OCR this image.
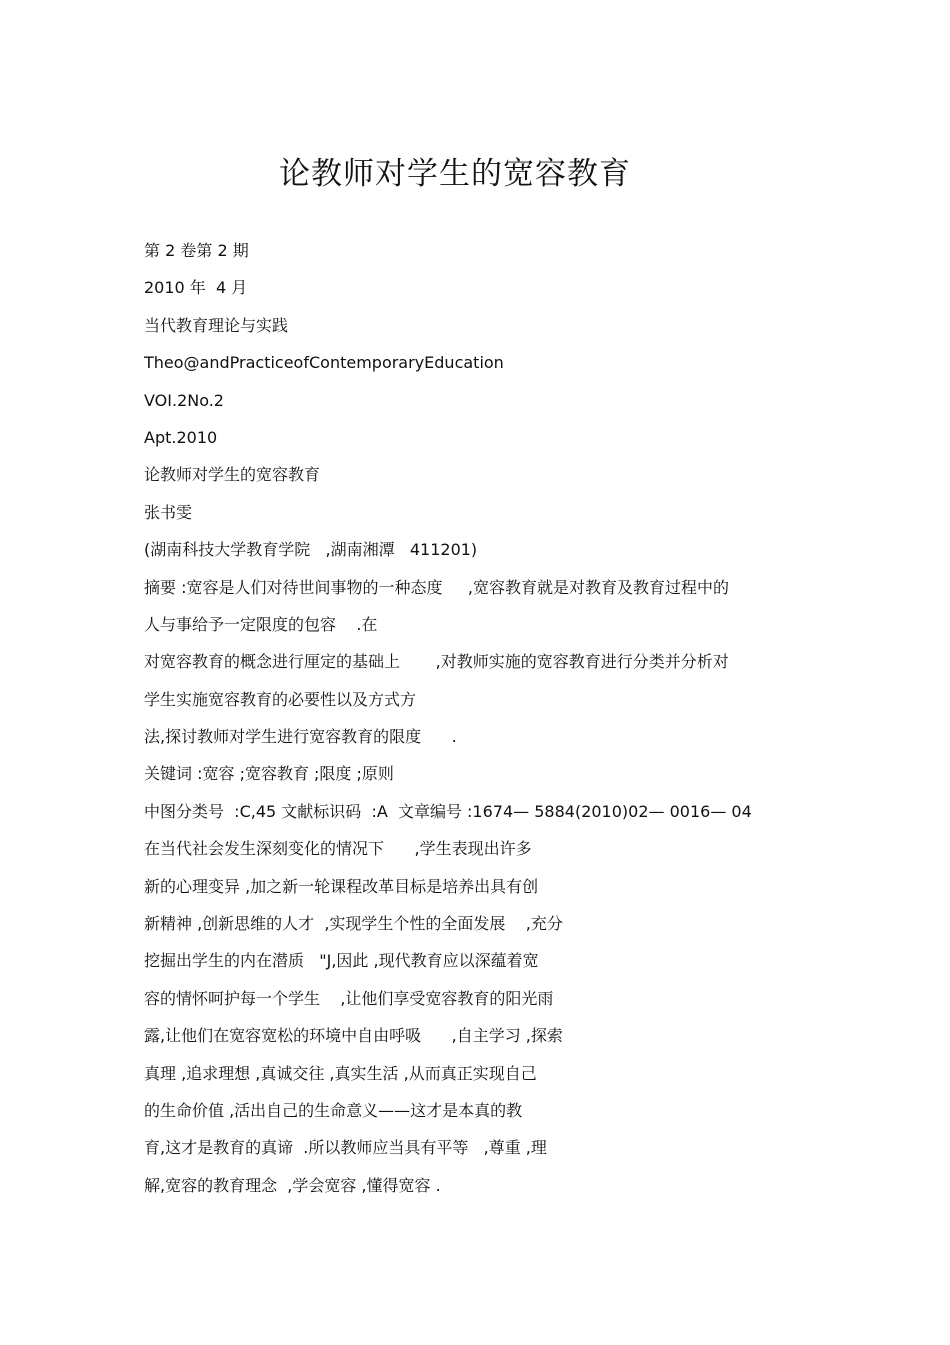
论教师对学生的宽容教育
第 2 卷第 2 期
2010 年  4 月
当代教育理论与实践
Theo@andPracticeofContemporaryEducation
VOI.2No.2
Apt.2010
论教师对学生的宽容教育
张书雯
(湖南科技大学教育学院   ,湖南湘潭   411201)
摘要 :宽容是人们对待世间事物的一种态度     ,宽容教育就是对教育及教育过程中的
人与事给予一定限度的包容    .在
对宽容教育的概念进行厘定的基础上       ,对教师实施的宽容教育进行分类并分析对
学生实施宽容教育的必要性以及方式方
法,探讨教师对学生进行宽容教育的限度      .
关键词 :宽容 ;宽容教育 ;限度 ;原则
中图分类号  :C,45 文献标识码  :A  文章编号 :1674— 5884(2010)02— 0016— 04
在当代社会发生深刻变化的情况下      ,学生表现出许多
新的心理变异 ,加之新一轮课程改革目标是培养出具有创
新精神 ,创新思维的人才  ,实现学生个性的全面发展    ,充分
挖掘出学生的内在潜质   "J,因此 ,现代教育应以深蕴着宽
容的情怀呵护每一个学生    ,让他们享受宽容教育的阳光雨
露,让他们在宽容宽松的环境中自由呼吸      ,自主学习 ,探索
真理 ,追求理想 ,真诚交往 ,真实生活 ,从而真正实现自己
的生命价值 ,活出自己的生命意义——这才是本真的教
育,这才是教育的真谛  .所以教师应当具有平等   ,尊重 ,理
解,宽容的教育理念  ,学会宽容 ,懂得宽容 .
